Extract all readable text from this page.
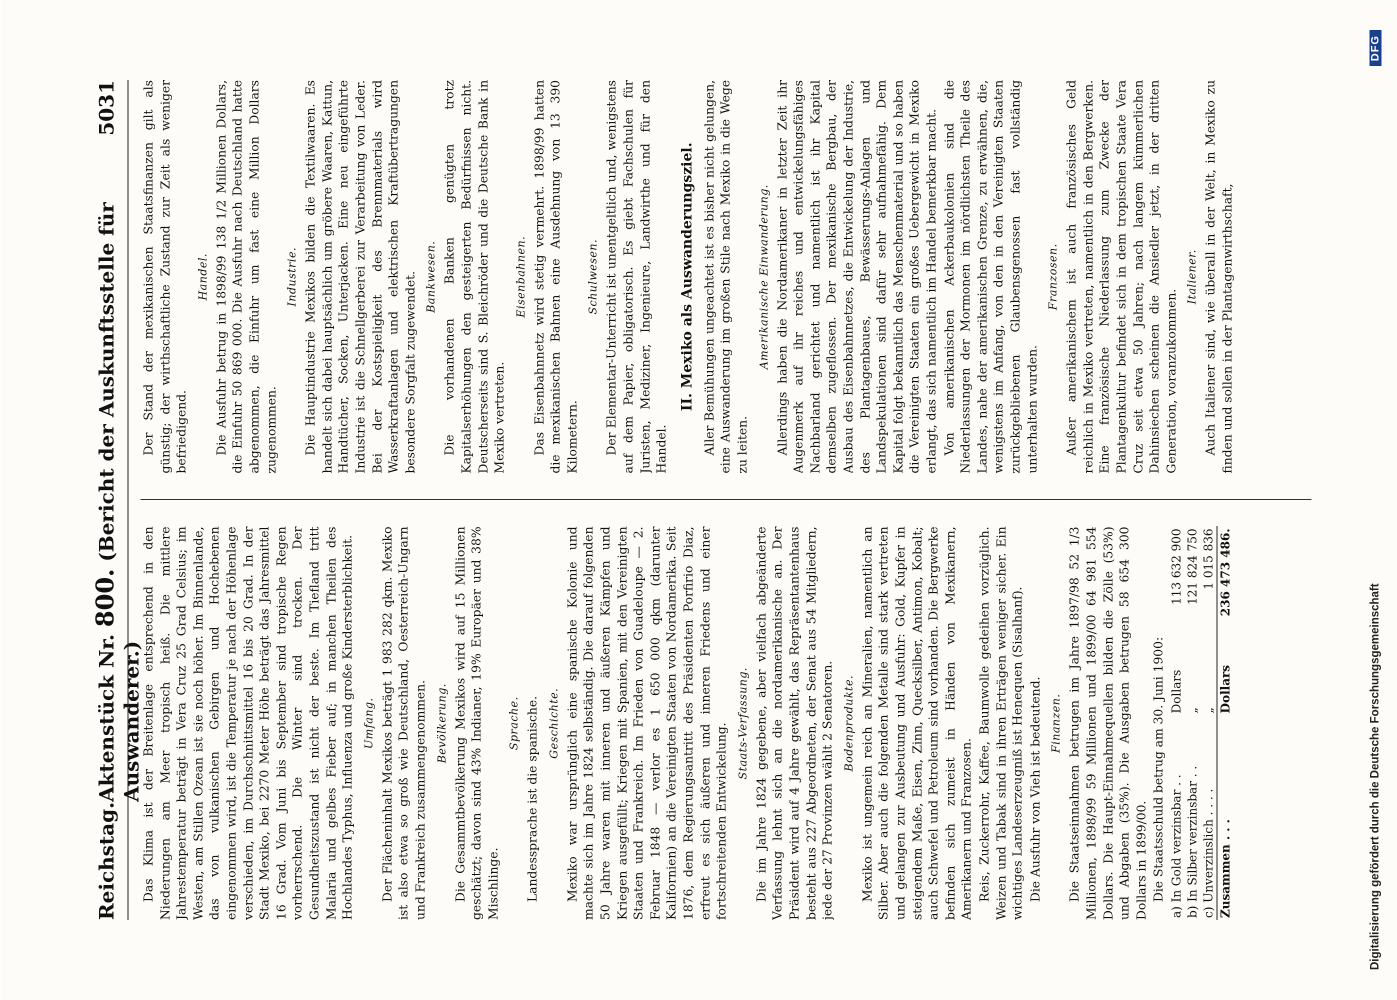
Reichstag.
Aktenstück Nr. 800. (Bericht der Auskunftsstelle für Auswanderer.)
5031

Das Klima ist der Breitenlage entsprechend in den Niederungen am Meer tropisch heiß. Die mittlere Jahrestemperatur beträgt in Vera Cruz 25 Grad Celsius; im Westen, am Stillen Ozean ist sie noch höher. Im Binnenlande, das von vulkanischen Gebirgen und Hochebenen eingenommen wird, ist die Temperatur je nach der Höhenlage verschieden, im Durchschnittsmittel 16 bis 20 Grad. In der Stadt Mexiko, bei 2270 Meter Höhe beträgt das Jahresmittel 16 Grad. Vom Juni bis September sind tropische Regen vorherrschend. Die Winter sind trocken. Der Gesundheitszustand ist nicht der beste. Im Tiefland tritt Malaria und gelbes Fieber auf; in manchen Theilen des Hochlandes Typhus, Influenza und große Kindersterblichkeit. Umfang. Der Flächeninhalt Mexikos beträgt 1 983 282 qkm. Mexiko ist also etwa so groß wie Deutschland, Oesterreich-Ungarn und Frankreich zusammengenommen. Bevölkerung. Die Gesammtbevölkerung Mexikos wird auf 15 Millionen geschätzt; davon sind 43% Indianer, 19% Europäer und 38% Mischlinge.

Sprache. Landessprache ist die spanische. Geschichte. Mexiko war ursprünglich eine spanische Kolonie und machte sich im Jahre 1824 selbständig. Die darauf folgenden 50 Jahre waren mit inneren und äußeren Kämpfen und Kriegen ausgefüllt; Kriegen mit Spanien, mit den Vereinigten Staaten und Frankreich. Im Frieden von Guadeloupe — 2. Februar 1848 — verlor es 1 650 000 qkm (darunter Kalifornien) an die Vereinigten Staaten von Nordamerika. Seit 1876, dem Regierungsantritt des Präsidenten Porfirio Diaz, erfreut es sich äußeren und inneren Friedens und einer fortschreitenden Entwickelung. Staats-Verfassung. Die im Jahre 1824 gegebene, aber vielfach abgeänderte Verfassung lehnt sich an die nordamerikanische an. Der Präsident wird auf 4 Jahre gewählt, das Repräsentantenhaus besteht aus 227 Abgeordneten, der Senat aus 54 Mitgliedern, jede der 27 Provinzen wählt 2 Senatoren. Bodenprodukte. Mexiko ist ungemein reich an Mineralien, namentlich an Silber. Aber auch die folgenden Metalle sind stark vertreten und gelangen zur Ausbeutung und Ausfuhr: Gold, Kupfer in steigendem Maße, Eisen, Zinn, Quecksilber, Antimon, Kobalt; auch Schwefel und Petroleum sind vorhanden. Die Bergwerke befinden sich zumeist in Händen von Mexikanern, Amerikanern und Franzosen. Reis, Zuckerrohr, Kaffee, Baumwolle gedeihen vorzüglich. Weizen und Tabak sind in ihren Erträgen weniger sicher. Ein wichtiges Landeserzeugniß ist Henequen (Sisalhanf). Die Ausfuhr von Vieh ist bedeutend. Finanzen. Die Staatseinnahmen betrugen im Jahre 1897/98 52 1/3 Millionen, 1898/99 59 Millionen und 1899/00 64 981 554 Dollars. Die Haupt-Einnahmequellen bilden die Zölle (53%) und Abgaben (35%). Die Ausgaben betrugen 58 654 300 Dollars in 1899/00. Die Staatsschuld betrug am 30. Juni 1900: a) In Gold verzinsbar . .	Dollars	113 632 900
b) In Silber verzinsbar . .	„	121 824 750
c) Unverzinslich . . . .	„	1 015 836
Zusammen . . .	Dollars	236 473 486.

Der Stand der mexikanischen Staatsfinanzen gilt als günstig; der wirthschaftliche Zustand zur Zeit als weniger befriedigend.

Handel. Die Ausfuhr betrug in 1898/99 138 1/2 Millionen Dollars, die Einfuhr 50 869 000. Die Ausfuhr nach Deutschland hatte abgenommen, die Einfuhr um fast eine Million Dollars zugenommen.

Industrie. Die Hauptindustrie Mexikos bilden die Textilwaaren. Es handelt sich dabei hauptsächlich um gröbere Waaren, Kattun, Handtücher, Socken, Unterjacken. Eine neu eingeführte Industrie ist die Schnellgerberei zur Verarbeitung von Leder. Bei der Kostspieligkeit des Brennmaterials wird Wasserkraftanlagen und elektrischen Kraftübertragungen besondere Sorgfalt zugewendet. Bankwesen. Die vorhandenen Banken genügten trotz Kapitalserhöhungen den gesteigerten Bedürfnissen nicht. Deutscherseits sind S. Bleichröder und die Deutsche Bank in Mexiko vertreten.

Eisenbahnen. Das Eisenbahnnetz wird stetig vermehrt. 1898/99 hatten die mexikanischen Bahnen eine Ausdehnung von 13 390 Kilometern.

Schulwesen. Der Elementar-Unterricht ist unentgeltlich und, wenigstens auf dem Papier, obligatorisch. Es giebt Fachschulen für Juristen, Mediziner, Ingenieure, Landwirthe und für den Handel.

II. Mexiko als Auswanderungsziel. Aller Bemühungen ungeachtet ist es bisher nicht gelungen, eine Auswanderung im großen Stile nach Mexiko in die Wege zu leiten.

Amerikanische Einwanderung. Allerdings haben die Nordamerikaner in letzter Zeit ihr Augenmerk auf ihr reiches und entwickelungsfähiges Nachbarland gerichtet und namentlich ist ihr Kapital demselben zugeflossen. Der mexikanische Bergbau, der Ausbau des Eisenbahnnetzes, die Entwickelung der Industrie, des Plantagenbaues, Bewässerungs-Anlagen und Landspekulationen sind dafür sehr aufnahmefähig. Dem Kapital folgt bekanntlich das Menschenmaterial und so haben die Vereinigten Staaten ein großes Uebergewicht in Mexiko erlangt, das sich namentlich im Handel bemerkbar macht. Von amerikanischen Ackerbaukolonien sind die Niederlassungen der Mormonen im nördlichsten Theile des Landes, nahe der amerikanischen Grenze, zu erwähnen, die, wenigstens im Anfang, von den in den Vereinigten Staaten zurückgebliebenen Glaubensgenossen fast vollständig unterhalten wurden.

Franzosen. Außer amerikanischem ist auch französisches Geld reichlich in Mexiko vertreten, namentlich in den Bergwerken. Eine französische Niederlassung zum Zwecke der Plantagenkultur befindet sich in dem tropischen Staate Vera Cruz seit etwa 50 Jahren; nach langem kümmerlichen Dahinsiechen scheinen die Ansiedler jetzt, in der dritten Generation, voranzukommen.

Italiener. Auch Italiener sind, wie überall in der Welt, in Mexiko zu finden und sollen in der Plantagenwirthschaft,

Digitalisierung gefördert durch die Deutsche Forschungsgemeinschaft
DFG
